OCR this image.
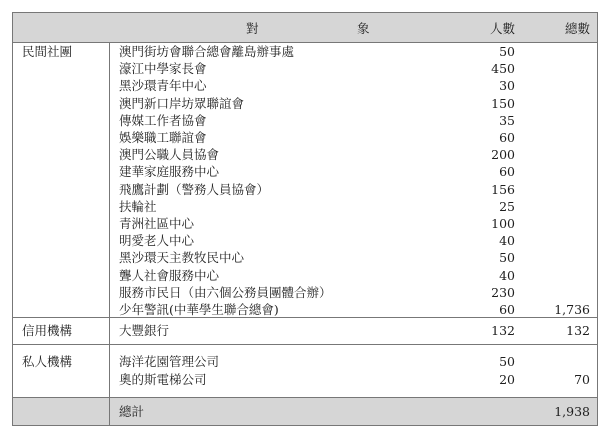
對	象	人數	總數
民間社團	澳門街坊會聯合總會離島辦事處	50
濠江中學家長會	450
黑沙環青年中心	30
澳門新口岸坊眾聯誼會	150
傳媒工作者協會	35
娛樂職工聯誼會	60
澳門公職人員協會	200
建華家庭服務中心	60
飛鷹計劃（警務人員協會）	156
扶輪社	25
青洲社區中心	100
明愛老人中心	40
黑沙環天主教牧民中心	50
聾人社會服務中心	40
服務市民日（由六個公務員團體合辦）	230
少年警訊(中華學生聯合總會)	60	1,736
信用機構	大豐銀行	132	132
私人機構	海洋花園管理公司	50
奧的斯電梯公司	20	70
總計	1,938
